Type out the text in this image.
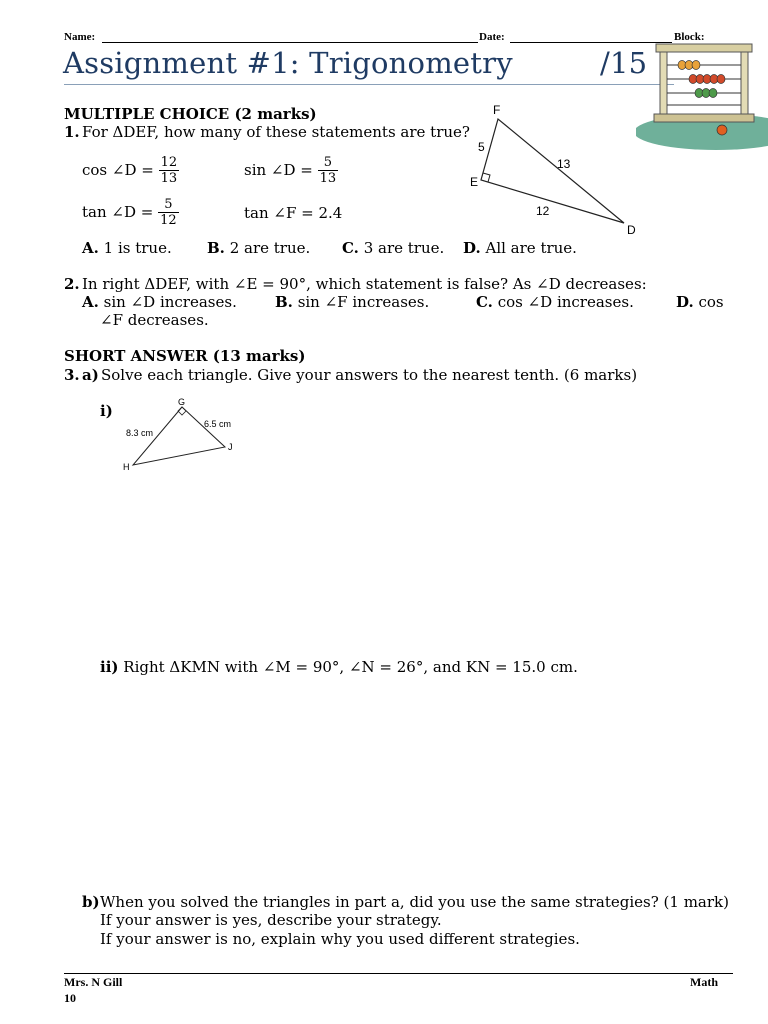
Name:	Date:	Block:
Assignment #1: Trigonometry	/15
MULTIPLE CHOICE (2 marks)
1. For ΔDEF, how many of these statements are true?
cos ∠D =
$\frac{12}{13}$	sin ∠D =
$\frac{5}{13}$
tan ∠D =
$\frac{5}{12}$	tan ∠F = 2.4
F
E
D
5
13
12
A. 1 is true. B. 2 are true. C. 3 are true. D. All are true.
2. In right ΔDEF, with ∠E = 90°, which statement is false? As ∠D decreases:
A. sin ∠D increases.	B. sin ∠F increases.	C. cos ∠D increases.	D. cos
∠F decreases.
SHORT ANSWER (13 marks)
3. a) Solve each triangle. Give your answers to the nearest tenth. (6 marks)
i)	G
H
J
8.3 cm
6.5 cm
ii) Right ΔKMN with ∠M = 90°, ∠N = 26°, and KN = 15.0 cm.
b) When you solved the triangles in part a, did you use the same strategies? (1 mark)
If your answer is yes, describe your strategy.
If your answer is no, explain why you used different strategies.
Mrs. N Gill
10
Math
